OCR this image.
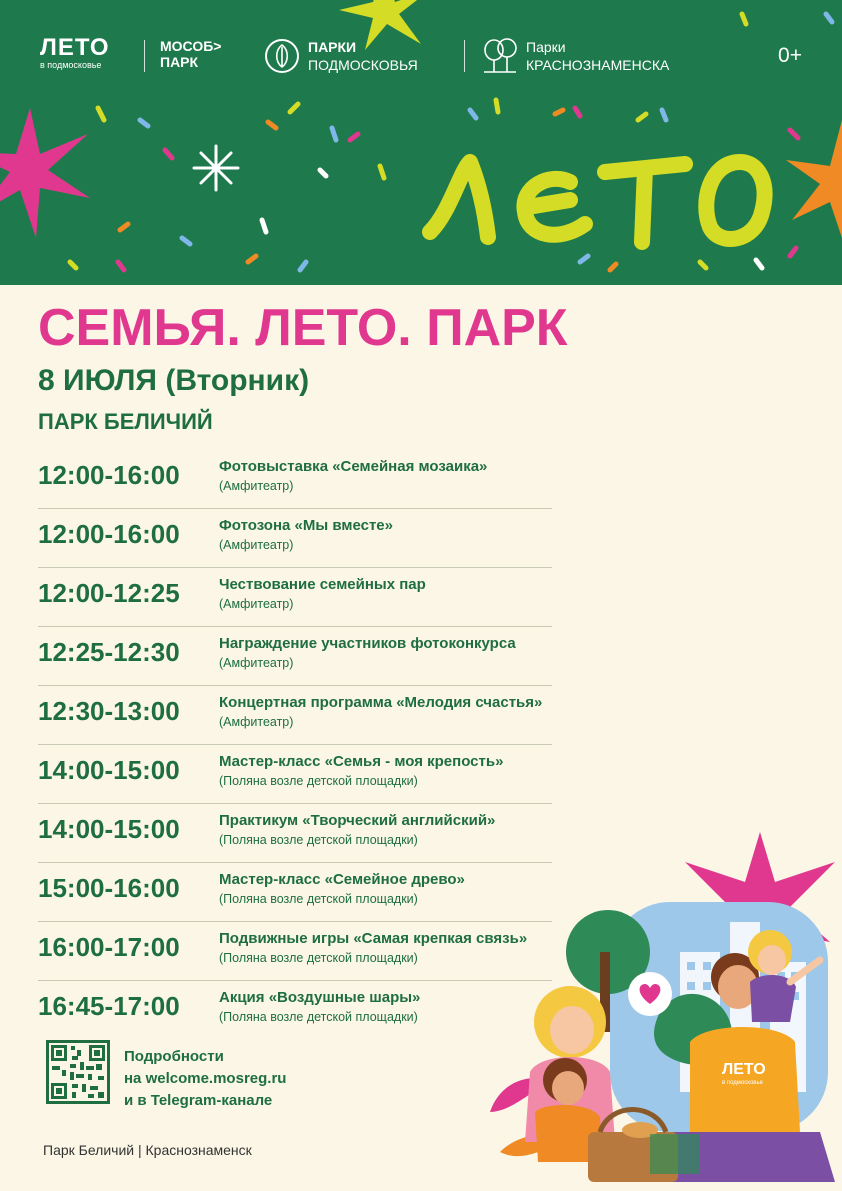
лето
ЛЕТО
в подмосковье
МОСОБ>
ПАРК
ПАРКИ
ПОДМОСКОВЬЯ
Парки
КРАСНОЗНАМЕНСКА	0+
СЕМЬЯ. ЛЕТО. ПАРК
8 ИЮЛЯ (Вторник)
ПАРК БЕЛИЧИЙ
12:00-16:00	Фотовыставка «Семейная мозаика»
(Амфитеатр)
12:00-16:00	Фотозона «Мы вместе»
(Амфитеатр)
12:00-12:25	Чествование семейных пар
(Амфитеатр)
12:25-12:30	Награждение участников фотоконкурса
(Амфитеатр)
12:30-13:00	Концертная программа «Мелодия счастья»
(Амфитеатр)
14:00-15:00	Мастер-класс «Семья - моя крепость»
(Поляна возле детской площадки)
14:00-15:00	Практикум «Творческий английский»
(Поляна возле детской площадки)
15:00-16:00	Мастер-класс «Семейное древо»
(Поляна возле детской площадки)
16:00-17:00	Подвижные игры «Самая крепкая связь»
(Поляна возле детской площадки)
16:45-17:00	Акция «Воздушные шары»
(Поляна возле детской площадки)
Подробности
на welcome.mosreg.ru
и в Telegram-канале
Парк Беличий | Краснознаменск
ЛЕТО
в подмосковье
